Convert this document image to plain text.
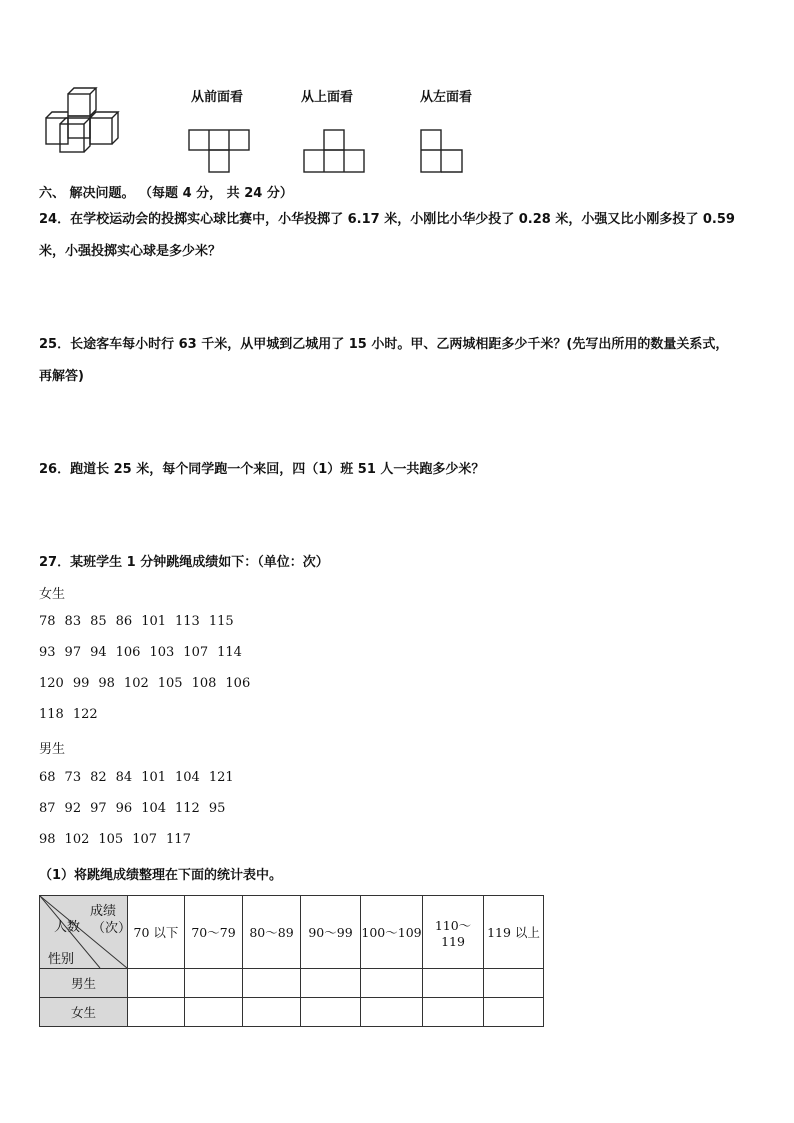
从前面看	从上面看	从左面看
六、 解决问题。 （每题 4 分， 共 24 分）
24．在学校运动会的投掷实心球比赛中，小华投掷了 6.17 米，小刚比小华少投了 0.28 米，小强又比小刚多投了 0.59
米，小强投掷实心球是多少米？
25．长途客车每小时行 63 千米，从甲城到乙城用了 15 小时。甲、乙两城相距多少千米？(先写出所用的数量关系式，
再解答)
26．跑道长 25 米，每个同学跑一个来回，四（1）班 51 人一共跑多少米？
27．某班学生 1 分钟跳绳成绩如下：（单位：次）
女生
78 83 85 86 101 113 115
93 97 94 106 103 107 114
120 99 98 102 105 108 106
118 122
男生
68 73 82 84 101 104 121
87 92 97 96 104 112 95
98 102 105 107 117
（1）将跳绳成绩整理在下面的统计表中。
成绩
（次）
人数
性别	70 以下	70～79	80～89	90～99	100～109	110～119	119 以上
男生							
女生							
